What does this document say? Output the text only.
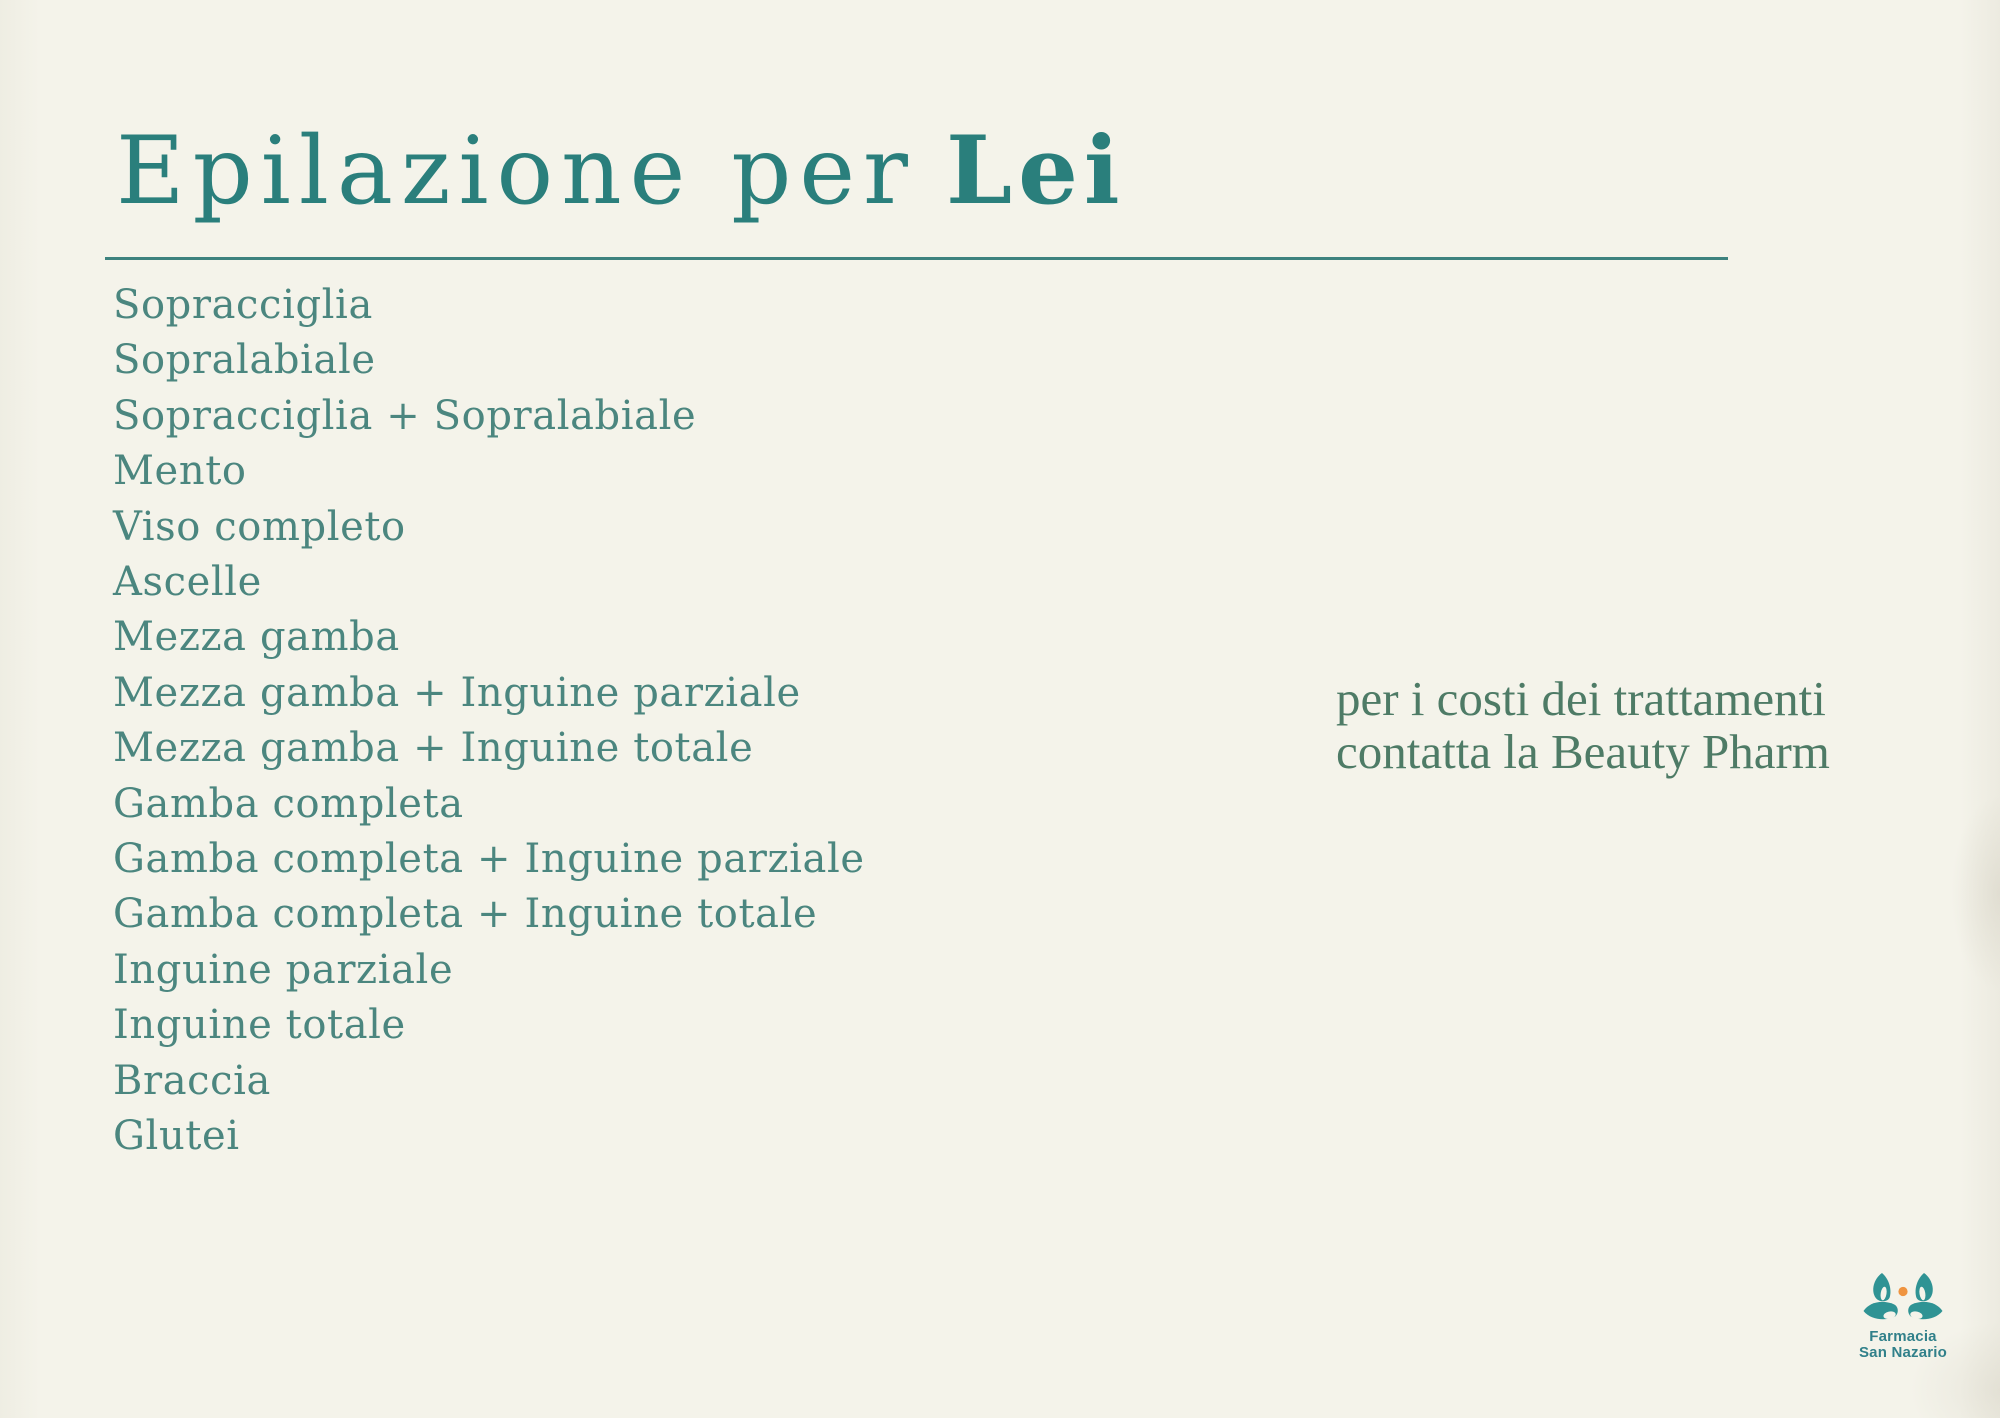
Epilazione per Lei
Sopracciglia
Sopralabiale
Sopracciglia + Sopralabiale
Mento
Viso completo
Ascelle
Mezza gamba
Mezza gamba + Inguine parziale
Mezza gamba + Inguine totale
Gamba completa
Gamba completa + Inguine parziale
Gamba completa + Inguine totale
Inguine parziale
Inguine totale
Braccia
Glutei
per i costi dei trattamenti
contatta la Beauty Pharm
Farmacia
San Nazario
